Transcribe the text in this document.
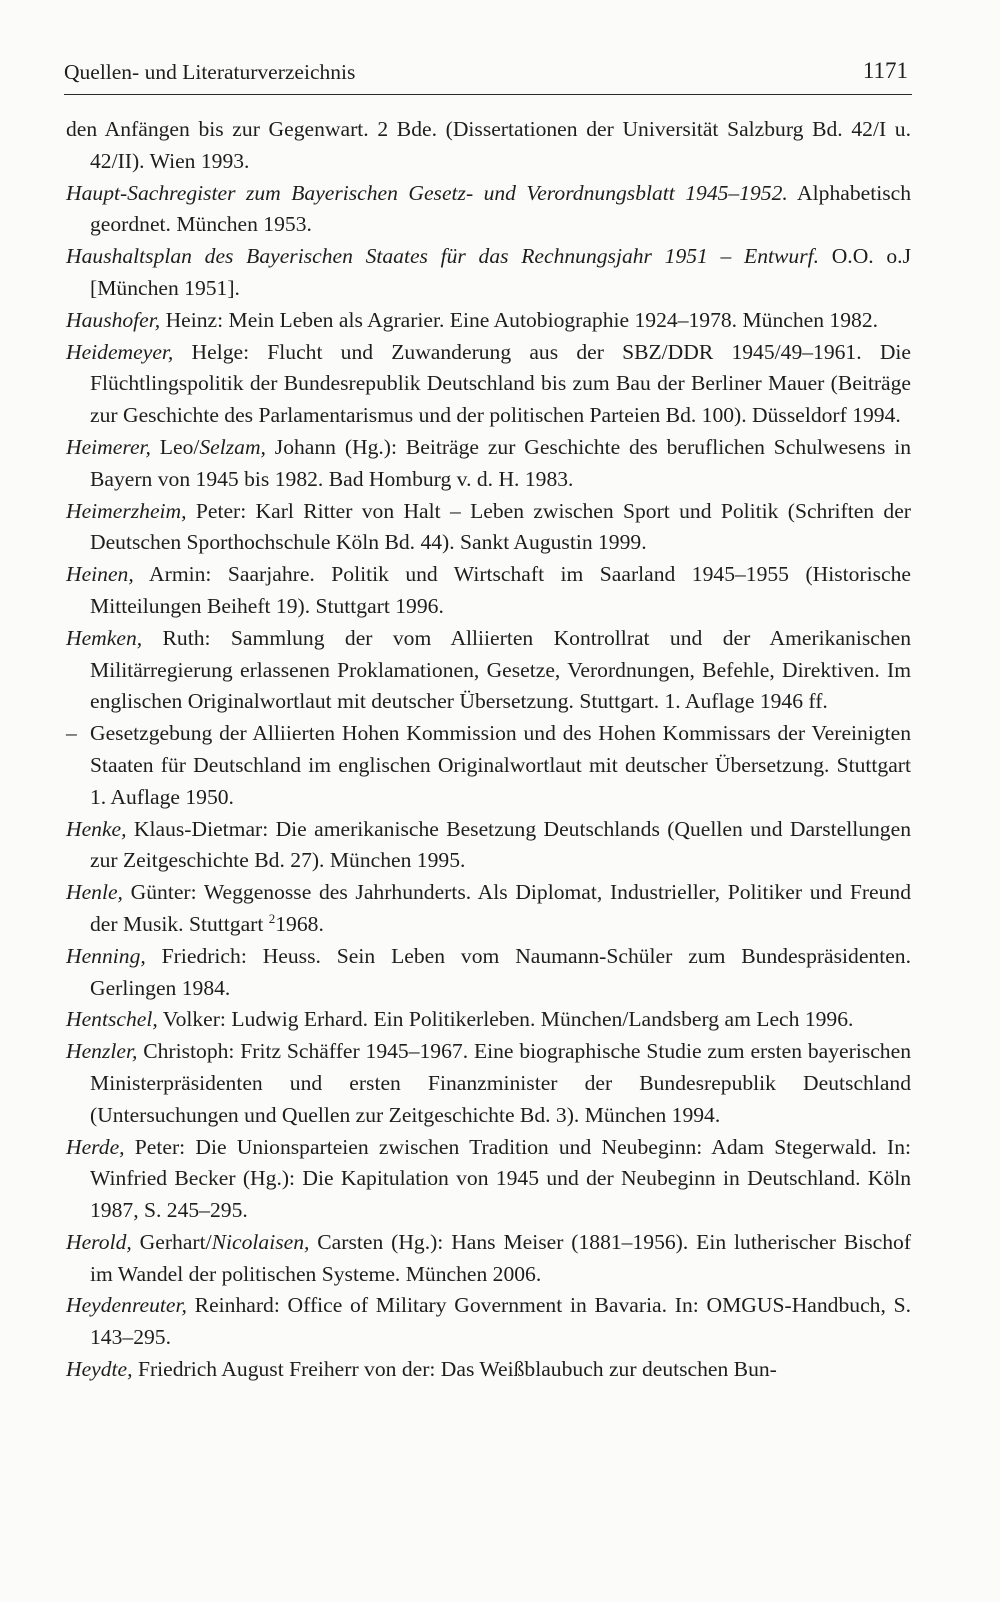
Quellen- und Literaturverzeichnis	1171
den Anfängen bis zur Gegenwart. 2 Bde. (Dissertationen der Universität Salzburg Bd. 42/I u. 42/II). Wien 1993.
Haupt-Sachregister zum Bayerischen Gesetz- und Verordnungsblatt 1945–1952. Alphabetisch geordnet. München 1953.
Haushaltsplan des Bayerischen Staates für das Rechnungsjahr 1951 – Entwurf. O.O. o.J [München 1951].
Haushofer, Heinz: Mein Leben als Agrarier. Eine Autobiographie 1924–1978. München 1982.
Heidemeyer, Helge: Flucht und Zuwanderung aus der SBZ/DDR 1945/49–1961. Die Flüchtlingspolitik der Bundesrepublik Deutschland bis zum Bau der Berliner Mauer (Beiträge zur Geschichte des Parlamentarismus und der politischen Parteien Bd. 100). Düsseldorf 1994.
Heimerer, Leo/Selzam, Johann (Hg.): Beiträge zur Geschichte des beruflichen Schulwesens in Bayern von 1945 bis 1982. Bad Homburg v. d. H. 1983.
Heimerzheim, Peter: Karl Ritter von Halt – Leben zwischen Sport und Politik (Schriften der Deutschen Sporthochschule Köln Bd. 44). Sankt Augustin 1999.
Heinen, Armin: Saarjahre. Politik und Wirtschaft im Saarland 1945–1955 (Historische Mitteilungen Beiheft 19). Stuttgart 1996.
Hemken, Ruth: Sammlung der vom Alliierten Kontrollrat und der Amerikanischen Militärregierung erlassenen Proklamationen, Gesetze, Verordnungen, Befehle, Direktiven. Im englischen Originalwortlaut mit deutscher Übersetzung. Stuttgart. 1. Auflage 1946 ff.
– Gesetzgebung der Alliierten Hohen Kommission und des Hohen Kommissars der Vereinigten Staaten für Deutschland im englischen Originalwortlaut mit deutscher Übersetzung. Stuttgart 1. Auflage 1950.
Henke, Klaus-Dietmar: Die amerikanische Besetzung Deutschlands (Quellen und Darstellungen zur Zeitgeschichte Bd. 27). München 1995.
Henle, Günter: Weggenosse des Jahrhunderts. Als Diplomat, Industrieller, Politiker und Freund der Musik. Stuttgart $^2$1968.
Henning, Friedrich: Heuss. Sein Leben vom Naumann-Schüler zum Bundespräsidenten. Gerlingen 1984.
Hentschel, Volker: Ludwig Erhard. Ein Politikerleben. München/Landsberg am Lech 1996.
Henzler, Christoph: Fritz Schäffer 1945–1967. Eine biographische Studie zum ersten bayerischen Ministerpräsidenten und ersten Finanzminister der Bundesrepublik Deutschland (Untersuchungen und Quellen zur Zeitgeschichte Bd. 3). München 1994.
Herde, Peter: Die Unionsparteien zwischen Tradition und Neubeginn: Adam Stegerwald. In: Winfried Becker (Hg.): Die Kapitulation von 1945 und der Neubeginn in Deutschland. Köln 1987, S. 245–295.
Herold, Gerhart/Nicolaisen, Carsten (Hg.): Hans Meiser (1881–1956). Ein lutherischer Bischof im Wandel der politischen Systeme. München 2006.
Heydenreuter, Reinhard: Office of Military Government in Bavaria. In: OMGUS-Handbuch, S. 143–295.
Heydte, Friedrich August Freiherr von der: Das Weißblaubuch zur deutschen Bun-
